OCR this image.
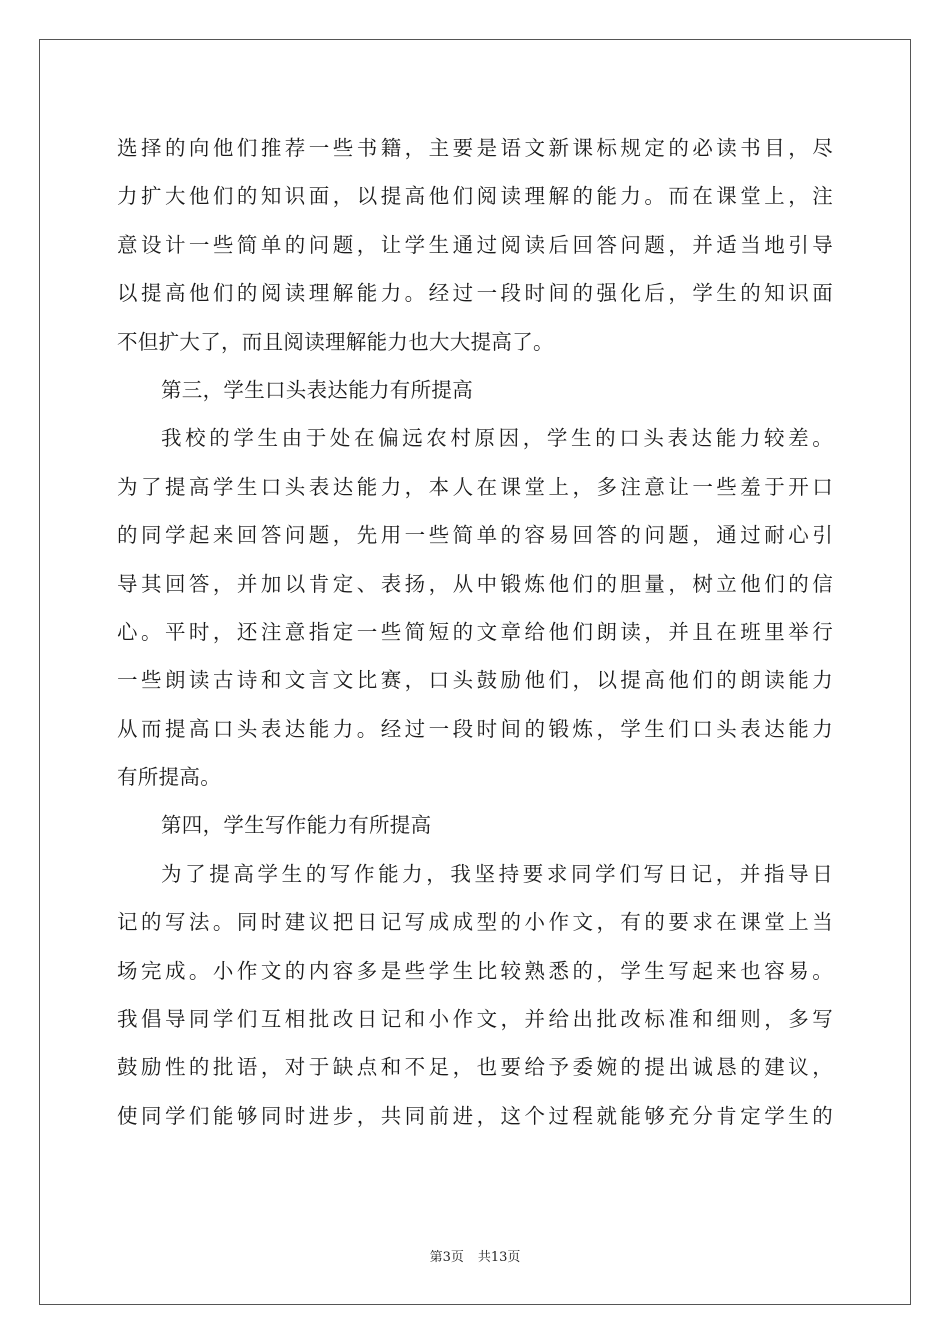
选择的向他们推荐一些书籍，主要是语文新课标规定的必读书目，尽
力扩大他们的知识面，以提高他们阅读理解的能力。而在课堂上，注
意设计一些简单的问题，让学生通过阅读后回答问题，并适当地引导
以提高他们的阅读理解能力。经过一段时间的强化后，学生的知识面
不但扩大了，而且阅读理解能力也大大提高了。
第三，学生口头表达能力有所提高
我校的学生由于处在偏远农村原因，学生的口头表达能力较差。
为了提高学生口头表达能力，本人在课堂上，多注意让一些羞于开口
的同学起来回答问题，先用一些简单的容易回答的问题，通过耐心引
导其回答，并加以肯定、表扬，从中锻炼他们的胆量，树立他们的信
心。平时，还注意指定一些简短的文章给他们朗读，并且在班里举行
一些朗读古诗和文言文比赛，口头鼓励他们，以提高他们的朗读能力
从而提高口头表达能力。经过一段时间的锻炼，学生们口头表达能力
有所提高。
第四，学生写作能力有所提高
为了提高学生的写作能力，我坚持要求同学们写日记，并指导日
记的写法。同时建议把日记写成成型的小作文，有的要求在课堂上当
场完成。小作文的内容多是些学生比较熟悉的，学生写起来也容易。
我倡导同学们互相批改日记和小作文，并给出批改标准和细则，多写
鼓励性的批语，对于缺点和不足，也要给予委婉的提出诚恳的建议，
使同学们能够同时进步，共同前进，这个过程就能够充分肯定学生的
第3页 共13页
